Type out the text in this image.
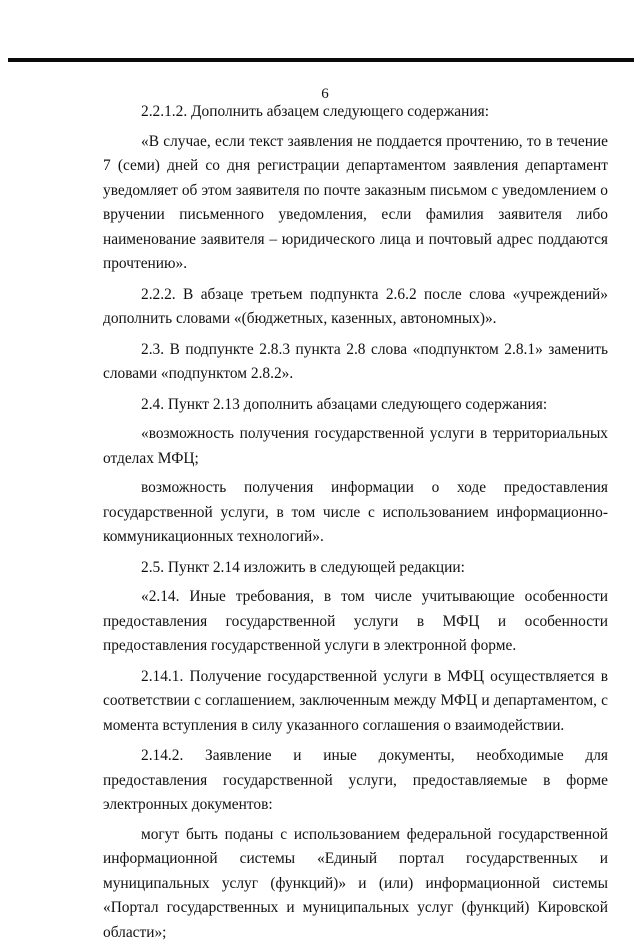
6

2.2.1.2. Дополнить абзацем следующего содержания:

«В случае, если текст заявления не поддается прочтению, то в течение 7 (семи) дней со дня регистрации департаментом заявления департамент уведомляет об этом заявителя по почте заказным письмом с уведомлением о вручении письменного уведомления, если фамилия заявителя либо наименование заявителя – юридического лица и почтовый адрес поддаются прочтению».

2.2.2. В абзаце третьем подпункта 2.6.2 после слова «учреждений» дополнить словами «(бюджетных, казенных, автономных)».

2.3. В подпункте 2.8.3 пункта 2.8 слова «подпунктом 2.8.1» заменить словами «подпунктом 2.8.2».

2.4. Пункт 2.13 дополнить абзацами следующего содержания:

«возможность получения государственной услуги в территориальных отделах МФЦ;

возможность получения информации о ходе предоставления государственной услуги, в том числе с использованием информационно-коммуникационных технологий».

2.5. Пункт 2.14 изложить в следующей редакции:

«2.14. Иные требования, в том числе учитывающие особенности предоставления государственной услуги в МФЦ и особенности предоставления государственной услуги в электронной форме.

2.14.1. Получение государственной услуги в МФЦ осуществляется в соответствии с соглашением, заключенным между МФЦ и департаментом, с момента вступления в силу указанного соглашения о взаимодействии.

2.14.2. Заявление и иные документы, необходимые для предоставления государственной услуги, предоставляемые в форме электронных документов:

могут быть поданы с использованием федеральной государственной информационной системы «Единый портал государственных и муниципальных услуг (функций)» и (или) информационной системы «Портал государственных и муниципальных услуг (функций) Кировской области»;
